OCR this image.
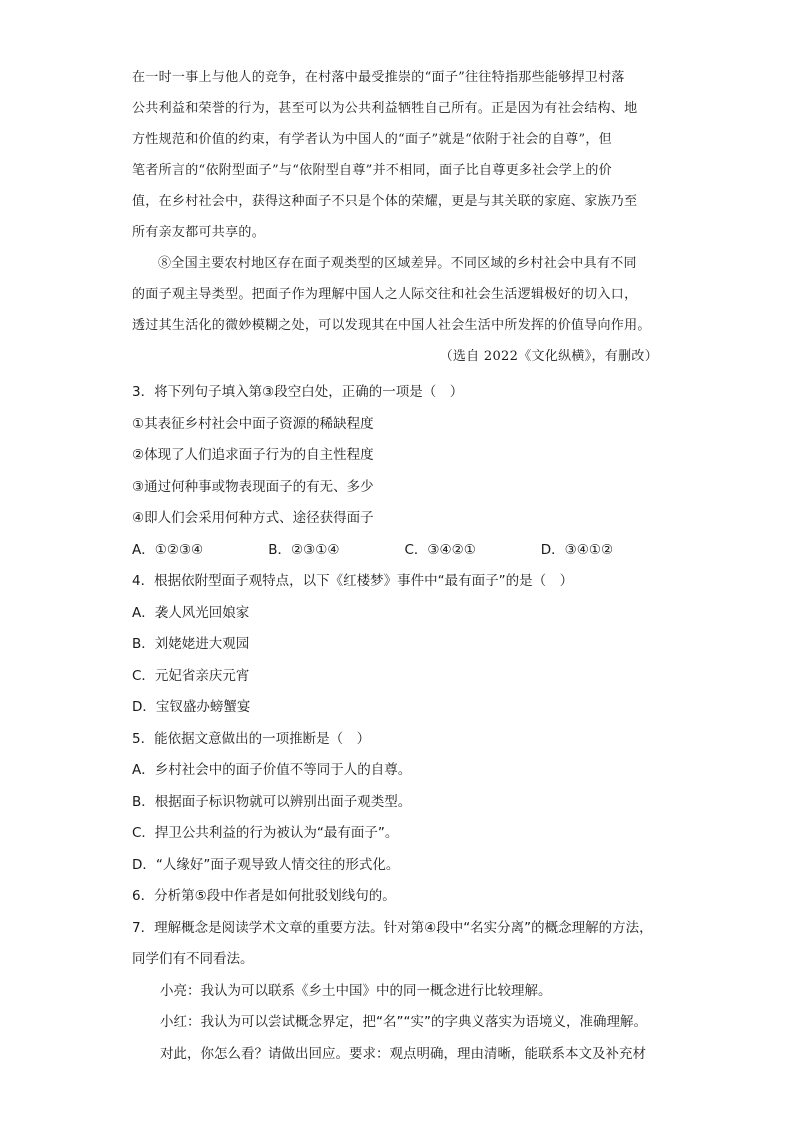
在一时一事上与他人的竞争，在村落中最受推崇的“面子”往往特指那些能够捍卫村落
公共利益和荣誉的行为，甚至可以为公共利益牺牲自己所有。正是因为有社会结构、地
方性规范和价值的约束，有学者认为中国人的“面子”就是“依附于社会的自尊”，但
笔者所言的“依附型面子”与“依附型自尊”并不相同，面子比自尊更多社会学上的价
值，在乡村社会中，获得这种面子不只是个体的荣耀，更是与其关联的家庭、家族乃至
所有亲友都可共享的。
⑧全国主要农村地区存在面子观类型的区域差异。不同区域的乡村社会中具有不同
的面子观主导类型。把面子作为理解中国人之人际交往和社会生活逻辑极好的切入口，
透过其生活化的微妙模糊之处，可以发现其在中国人社会生活中所发挥的价值导向作用。
（选自 2022《文化纵横》，有删改）
3．将下列句子填入第③段空白处，正确的一项是（　）
①其表征乡村社会中面子资源的稀缺程度
②体现了人们追求面子行为的自主性程度
③通过何种事或物表现面子的有无、多少
④即人们会采用何种方式、途径获得面子
A．①②③④	B．②③①④	C．③④②①	D．③④①②
4．根据依附型面子观特点，以下《红楼梦》事件中“最有面子”的是（　）
A．袭人风光回娘家
B．刘姥姥进大观园
C．元妃省亲庆元宵
D．宝钗盛办螃蟹宴
5．能依据文意做出的一项推断是（　）
A．乡村社会中的面子价值不等同于人的自尊。
B．根据面子标识物就可以辨别出面子观类型。
C．捍卫公共利益的行为被认为“最有面子”。
D．“人缘好”面子观导致人情交往的形式化。
6．分析第⑤段中作者是如何批驳划线句的。
7．理解概念是阅读学术文章的重要方法。针对第④段中“名实分离”的概念理解的方法，
同学们有不同看法。
小亮：我认为可以联系《乡土中国》中的同一概念进行比较理解。
小红：我认为可以尝试概念界定，把“名”“实”的字典义落实为语境义，准确理解。
对此，你怎么看？请做出回应。要求：观点明确，理由清晰，能联系本文及补充材
